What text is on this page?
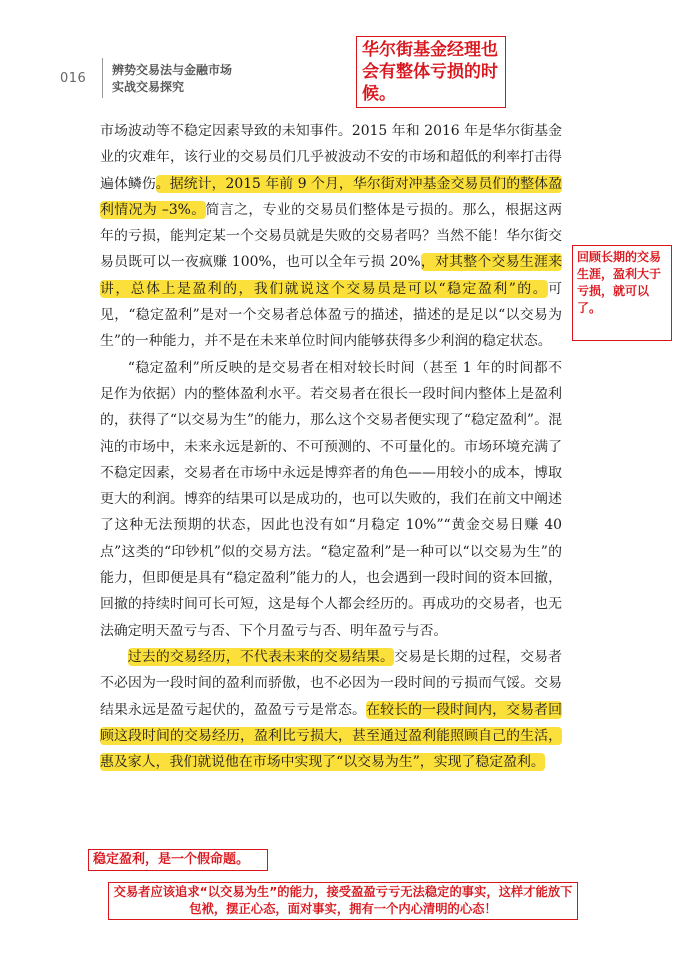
016
辨势交易法与金融市场
实战交易探究
华尔街基金经理也会有整体亏损的时候。
回顾长期的交易生涯，盈利大于亏损，就可以了。

市场波动等不稳定因素导致的未知事件。2015 年和 2016 年是华尔街基金业的灾难年，该行业的交易员们几乎被波动不安的市场和超低的利率打击得遍体鳞伤。据统计，2015 年前 9 个月，华尔街对冲基金交易员们的整体盈利情况为 –3%。简言之，专业的交易员们整体是亏损的。那么，根据这两年的亏损，能判定某一个交易员就是失败的交易者吗？当然不能！华尔街交易员既可以一夜疯赚 100%，也可以全年亏损 20%，对其整个交易生涯来讲，总体上是盈利的，我们就说这个交易员是可以“稳定盈利”的。可见，“稳定盈利”是对一个交易者总体盈亏的描述，描述的是足以“以交易为生”的一种能力，并不是在未来单位时间内能够获得多少利润的稳定状态。

“稳定盈利”所反映的是交易者在相对较长时间（甚至 1 年的时间都不足作为依据）内的整体盈利水平。若交易者在很长一段时间内整体上是盈利的，获得了“以交易为生”的能力，那么这个交易者便实现了“稳定盈利”。混沌的市场中，未来永远是新的、不可预测的、不可量化的。市场环境充满了不稳定因素，交易者在市场中永远是博弈者的角色——用较小的成本，博取更大的利润。博弈的结果可以是成功的，也可以失败的，我们在前文中阐述了这种无法预期的状态，因此也没有如“月稳定 10%”“黄金交易日赚 40 点”这类的“印钞机”似的交易方法。“稳定盈利”是一种可以“以交易为生”的能力，但即便是具有“稳定盈利”能力的人，也会遇到一段时间的资本回撤，回撤的持续时间可长可短，这是每个人都会经历的。再成功的交易者，也无法确定明天盈亏与否、下个月盈亏与否、明年盈亏与否。

过去的交易经历，不代表未来的交易结果。交易是长期的过程，交易者不必因为一段时间的盈利而骄傲，也不必因为一段时间的亏损而气馁。交易结果永远是盈亏起伏的，盈盈亏亏是常态。在较长的一段时间内，交易者回顾这段时间的交易经历，盈利比亏损大，甚至通过盈利能照顾自己的生活，惠及家人，我们就说他在市场中实现了“以交易为生”，实现了稳定盈利。

稳定盈利，是一个假命题。
交易者应该追求“以交易为生”的能力，接受盈盈亏亏无法稳定的事实，这样才能放下包袱，摆正心态，面对事实，拥有一个内心清明的心态！
